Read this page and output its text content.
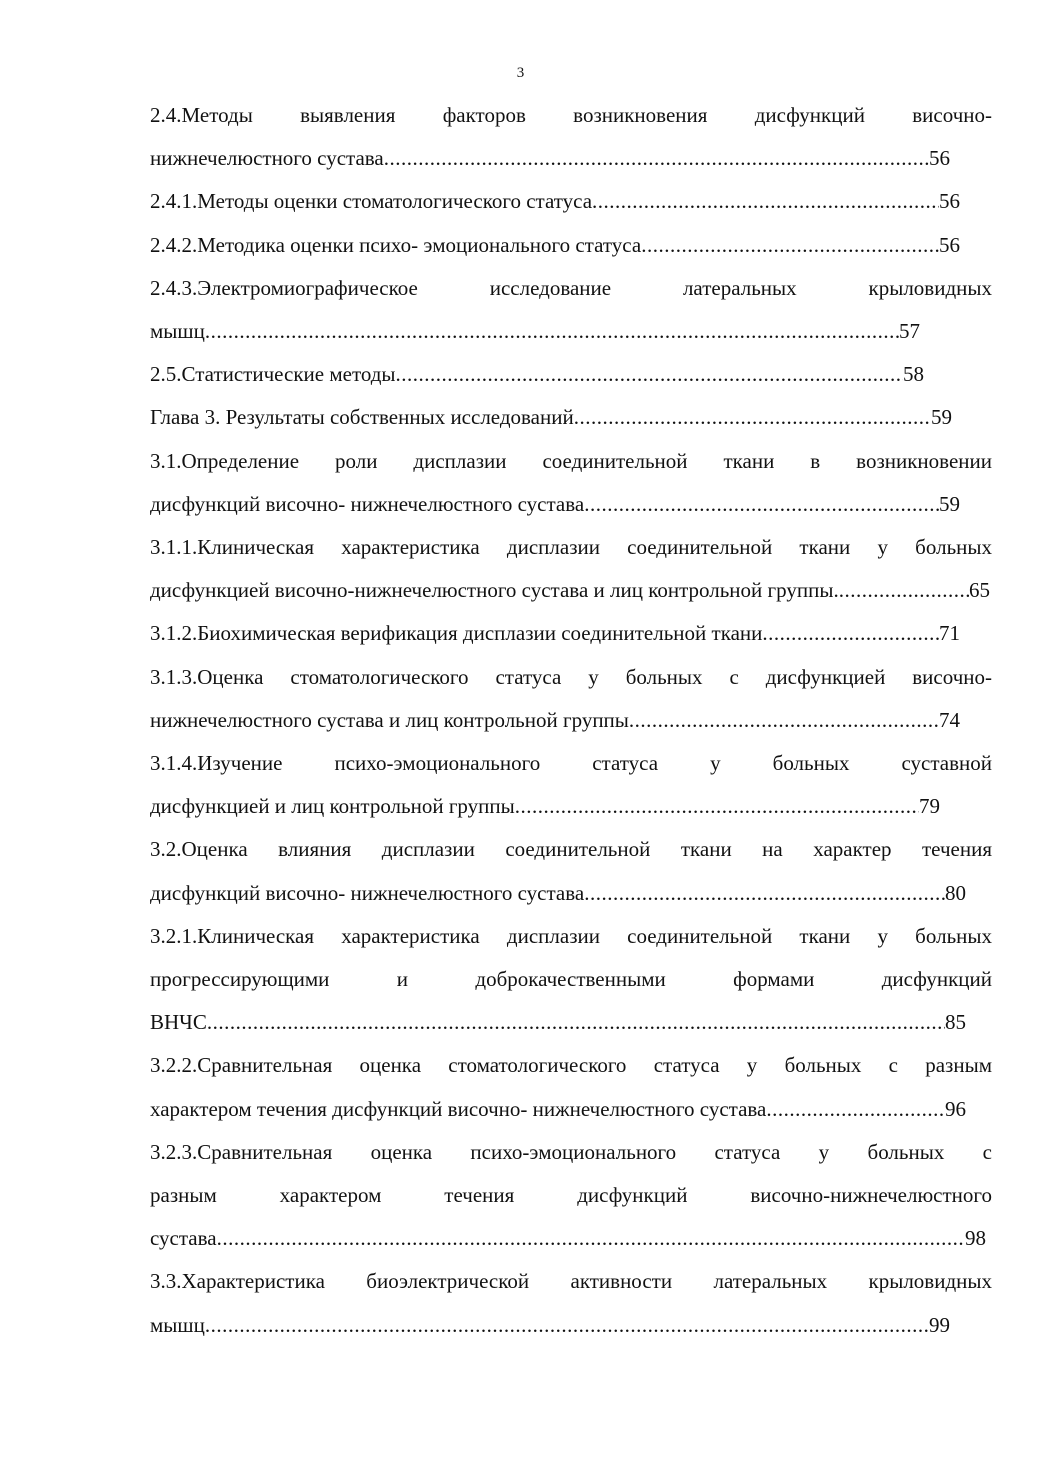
3
2.4.Методы выявления факторов возникновения дисфункций височно-
нижнечелюстного сустава .....	56
2.4.1.Методы оценки стоматологического статуса .....	56
2.4.2.Методика оценки психо- эмоционального статуса .....	56
2.4.3.Электромиографическое исследование латеральных крыловидных
мышц .....	57
2.5.Статистические методы .....	58
Глава 3. Результаты собственных исследований .....	59
3.1.Определение роли дисплазии соединительной ткани в возникновении
дисфункций височно- нижнечелюстного сустава .....	59
3.1.1.Клиническая характеристика дисплазии соединительной ткани у больных
дисфункцией височно-нижнечелюстного сустава и лиц контрольной группы. .....	65
3.1.2.Биохимическая верификация дисплазии соединительной ткани .....	71
3.1.3.Оценка стоматологического статуса у больных с дисфункцией височно-
нижнечелюстного сустава и лиц контрольной группы .....	74
3.1.4.Изучение психо-эмоционального статуса у больных суставной
дисфункцией и лиц контрольной группы .....	79
3.2.Оценка влияния дисплазии соединительной ткани на характер течения
дисфункций височно- нижнечелюстного сустава .....	80
3.2.1.Клиническая характеристика дисплазии соединительной ткани у больных
прогрессирующими и доброкачественными формами дисфункций
ВНЧС .....	85
3.2.2.Сравнительная оценка стоматологического статуса у больных с разным
характером течения дисфункций височно- нижнечелюстного сустава .....	96
3.2.3.Сравнительная оценка психо-эмоционального статуса у больных с
разным характером течения дисфункций височно-нижнечелюстного
сустава .....	98
3.3.Характеристика биоэлектрической активности латеральных крыловидных
мышц .....	99
